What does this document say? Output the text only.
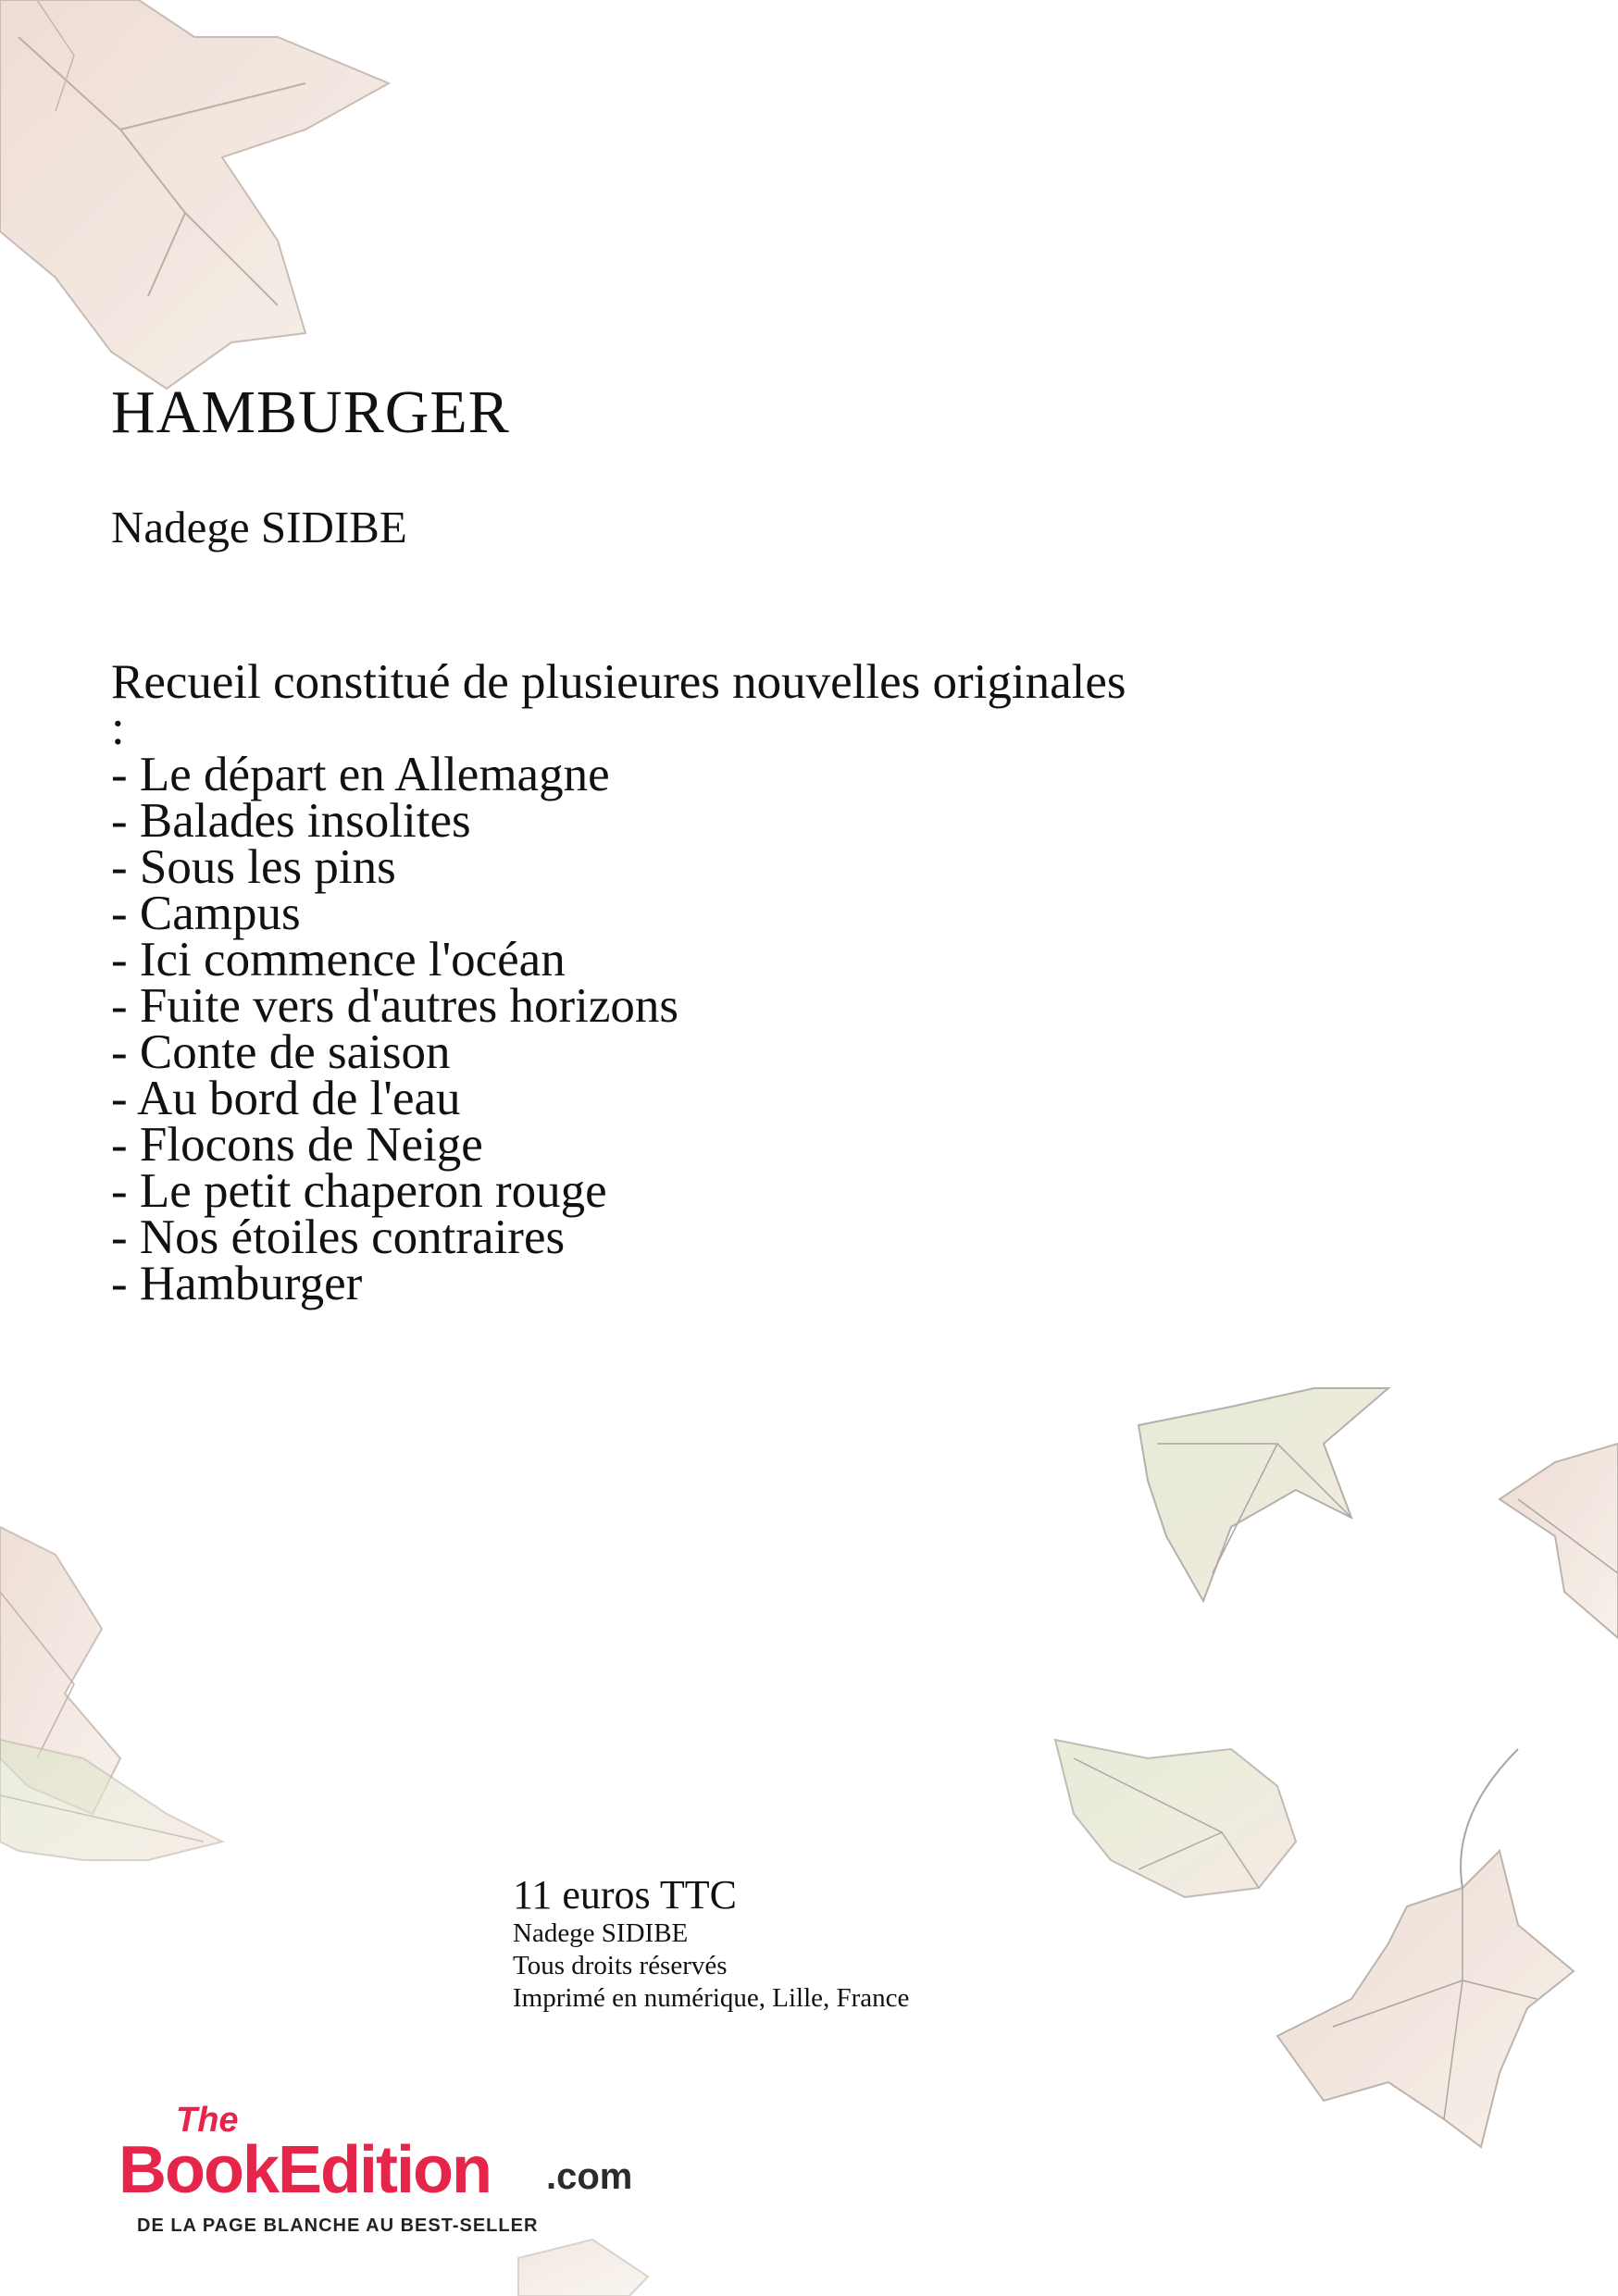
HAMBURGER

Nadege SIDIBE

Recueil constitué de plusieures nouvelles originales :

- Le départ en Allemagne
- Balades insolites
- Sous les pins
- Campus
- Ici commence l'océan
- Fuite vers d'autres horizons
- Conte de saison
- Au bord de l'eau
- Flocons de Neige
- Le petit chaperon rouge
- Nos étoiles contraires
- Hamburger
11 euros TTC
Nadege SIDIBE
Tous droits réservés
Imprimé en numérique, Lille, France
The
BookEdition .com
DE LA PAGE BLANCHE AU BEST-SELLER
